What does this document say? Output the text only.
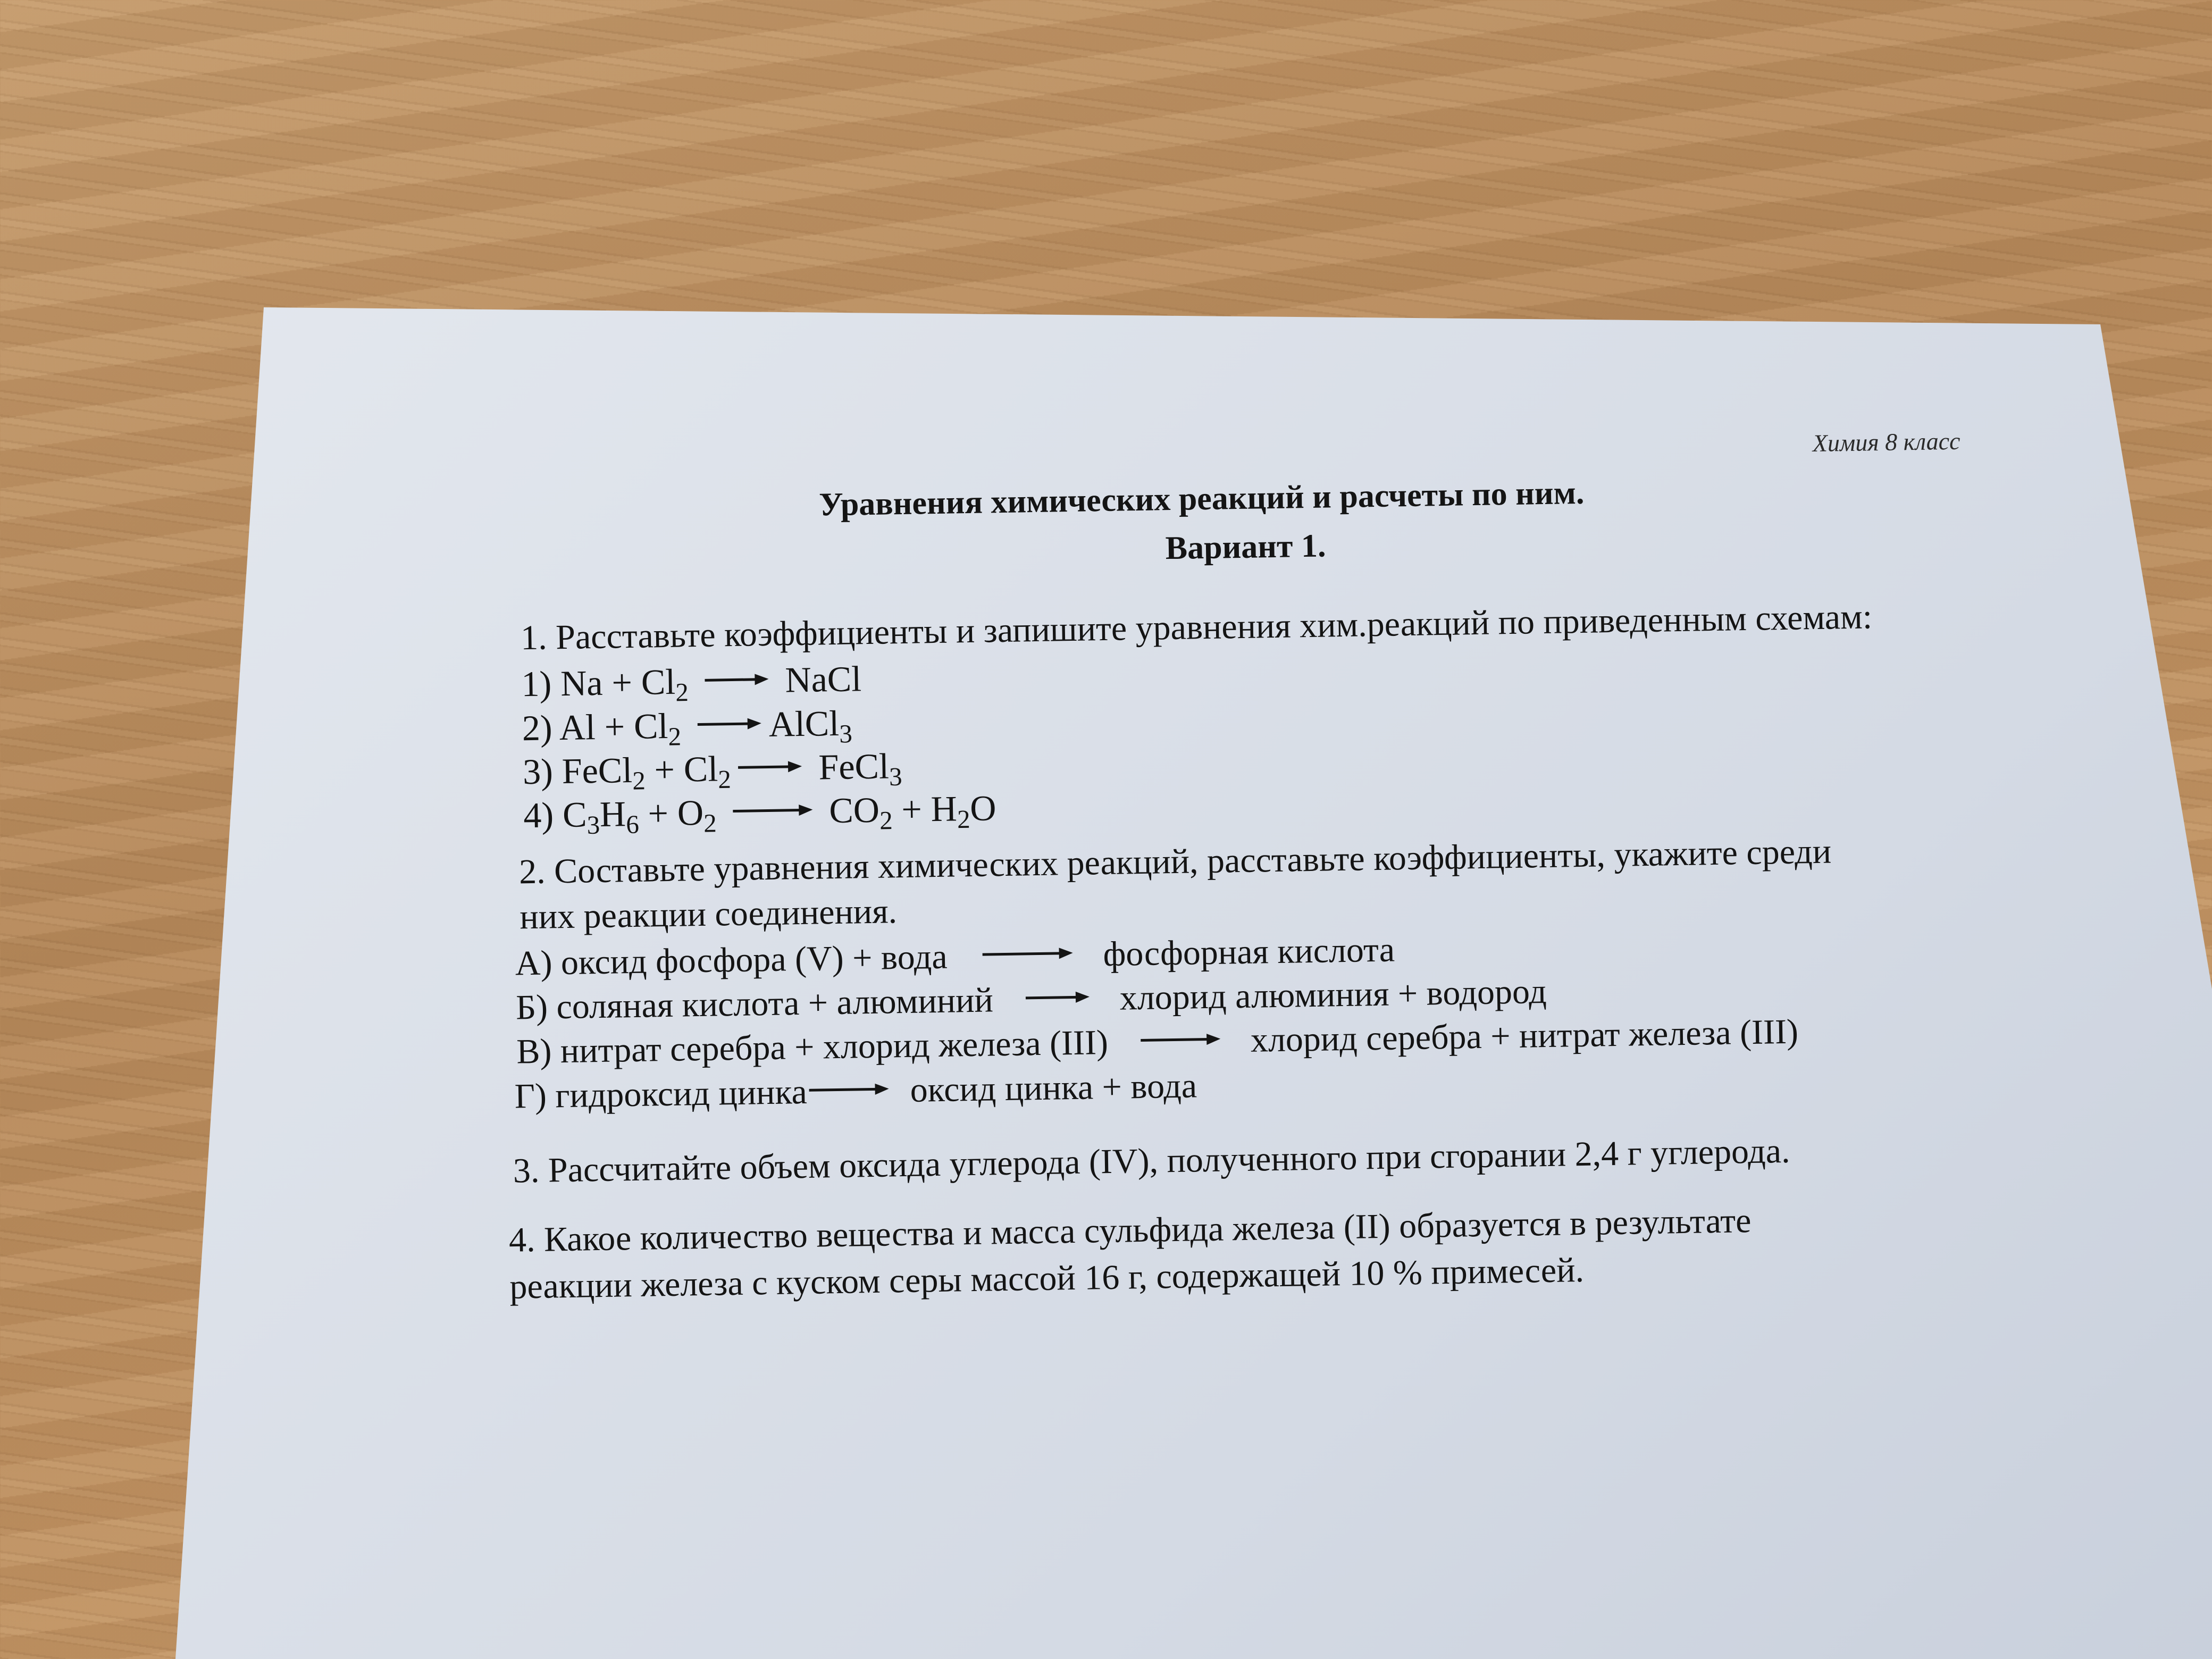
Химия 8 класс
Уравнения химических реакций и расчеты по ним.
Вариант 1.
1. Расставьте коэффициенты и запишите уравнения хим.реакций по приведенным схемам:
1) $Na + Cl_2$	NaCl
2) $Al + Cl_2$ AlCl$_3$
3) FeCl$_2$ + $Cl_2$ FeCl$_3$
4) $C_3H_6 + O_2$	$CO_2 + H_2O$
2. Составьте уравнения химических реакций, расставьте коэффициенты, укажите среди
них реакции соединения.
А) оксид фосфора (V) + вода	фосфорная кислота
Б) соляная кислота + алюминий	хлорид алюминия + водород
В) нитрат серебра + хлорид железа (III)	хлорид серебра + нитрат железа (III)
Г) гидроксид цинка	оксид цинка + вода
3. Рассчитайте объем оксида углерода (IV), полученного при сгорании 2,4 г углерода.
4. Какое количество вещества и масса сульфида железа (II) образуется в результате
реакции железа с куском серы массой 16 г, содержащей 10 % примесей.
